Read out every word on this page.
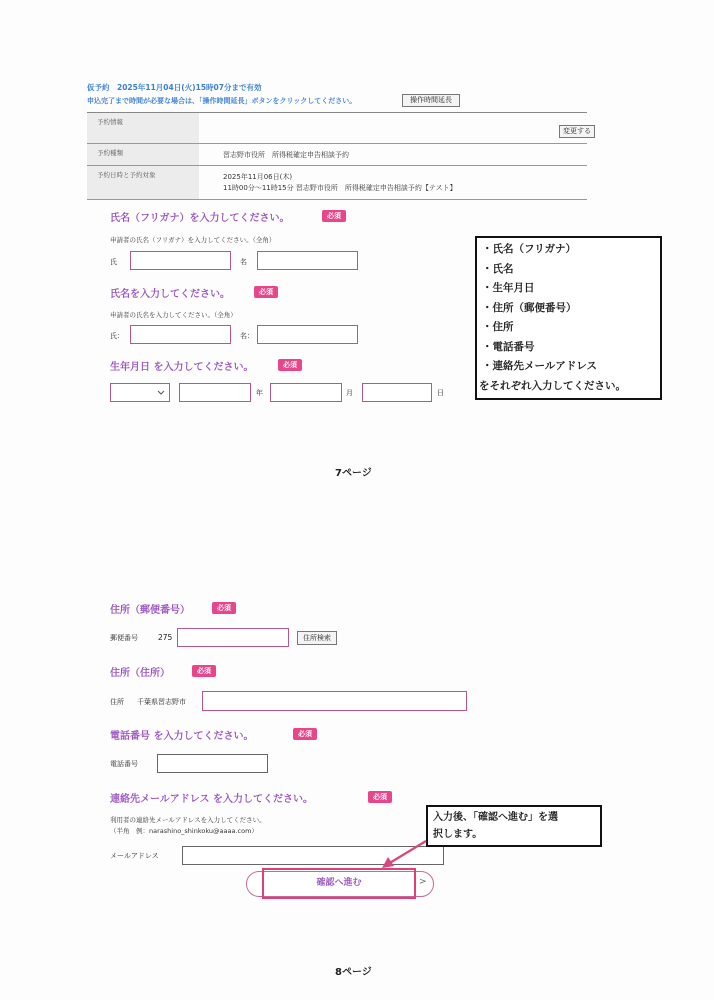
仮予約　2025年11月04日(火)15時07分まで有効
申込完了まで時間が必要な場合は、「操作時間延長」ボタンをクリックしてください。	操作時間延長
予約情報
変更する
予約種類	習志野市役所　所得税確定申告相談予約
予約日時と予約対象	2025年11月06日(木)
11時00分～11時15分 習志野市役所　所得税確定申告相談予約【テスト】
氏名（フリガナ）を入力してください。	必須
申請者の氏名（フリガナ）を入力してください。（全角）
氏	名
氏名を入力してください。	必須
申請者の氏名を入力してください。（全角）
氏：	名：
生年月日 を入力してください。	必須
年	月	日
・氏名（フリガナ）
・氏名
・生年月日
・住所（郵便番号）
・住所
・電話番号
・連絡先メールアドレス
をそれぞれ入力してください。
7ページ
住所（郵便番号）	必須
郵便番号	275	住所検索
住所（住所）	必須
住所 千葉県習志野市
電話番号 を入力してください。	必須
電話番号
連絡先メールアドレス を入力してください。	必須
利用者の連絡先メールアドレスを入力してください。
（半角　例：narashino_shinkoku@aaaa.com）
メールアドレス
入力後、「確認へ進む」を選
択します。
確認へ進む	>
8ページ
